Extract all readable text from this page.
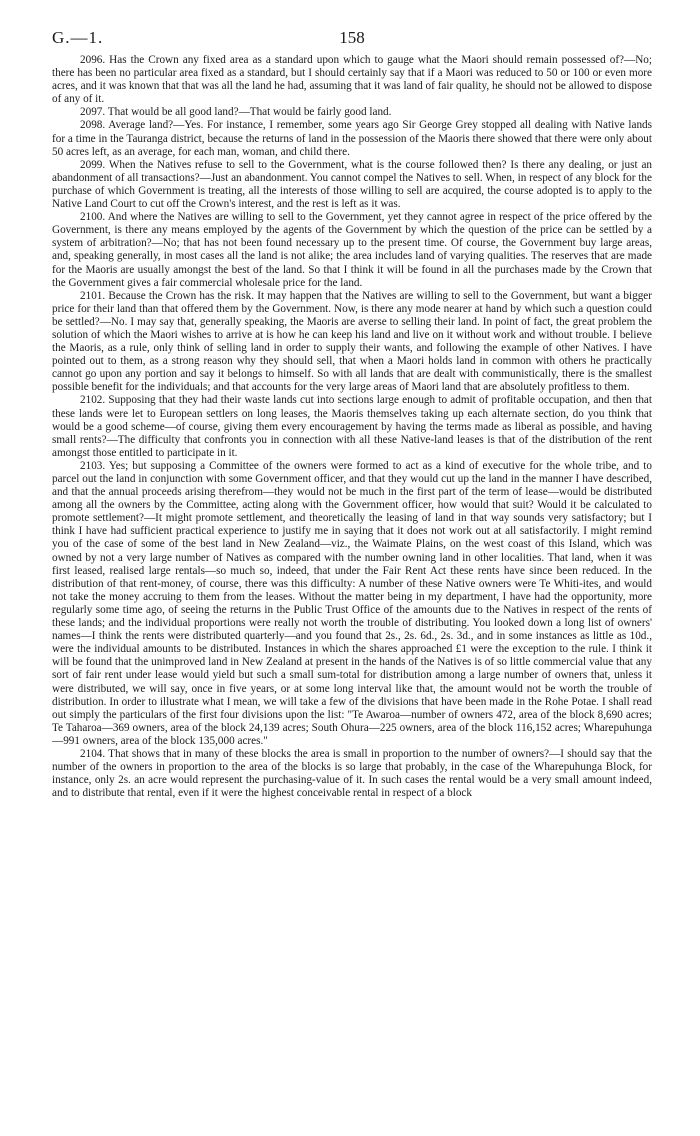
G.—1.	158

2096. Has the Crown any fixed area as a standard upon which to gauge what the Maori should remain possessed of?—No; there has been no particular area fixed as a standard, but I should certainly say that if a Maori was reduced to 50 or 100 or even more acres, and it was known that that was all the land he had, assuming that it was land of fair quality, he should not be allowed to dispose of any of it.

2097. That would be all good land?—That would be fairly good land.

2098. Average land?—Yes. For instance, I remember, some years ago Sir George Grey stopped all dealing with Native lands for a time in the Tauranga district, because the returns of land in the possession of the Maoris there showed that there were only about 50 acres left, as an average, for each man, woman, and child there.

2099. When the Natives refuse to sell to the Government, what is the course followed then? Is there any dealing, or just an abandonment of all transactions?—Just an abandonment. You cannot compel the Natives to sell. When, in respect of any block for the purchase of which Government is treating, all the interests of those willing to sell are acquired, the course adopted is to apply to the Native Land Court to cut off the Crown's interest, and the rest is left as it was.

2100. And where the Natives are willing to sell to the Government, yet they cannot agree in respect of the price offered by the Government, is there any means employed by the agents of the Government by which the question of the price can be settled by a system of arbitration?—No; that has not been found necessary up to the present time. Of course, the Government buy large areas, and, speaking generally, in most cases all the land is not alike; the area includes land of varying qualities. The reserves that are made for the Maoris are usually amongst the best of the land. So that I think it will be found in all the purchases made by the Crown that the Government gives a fair commercial wholesale price for the land.

2101. Because the Crown has the risk. It may happen that the Natives are willing to sell to the Government, but want a bigger price for their land than that offered them by the Government. Now, is there any mode nearer at hand by which such a question could be settled?—No. I may say that, generally speaking, the Maoris are averse to selling their land. In point of fact, the great problem the solution of which the Maori wishes to arrive at is how he can keep his land and live on it without work and without trouble. I believe the Maoris, as a rule, only think of selling land in order to supply their wants, and following the example of other Natives. I have pointed out to them, as a strong reason why they should sell, that when a Maori holds land in common with others he practically cannot go upon any portion and say it belongs to himself. So with all lands that are dealt with communistically, there is the smallest possible benefit for the individuals; and that accounts for the very large areas of Maori land that are absolutely profitless to them.

2102. Supposing that they had their waste lands cut into sections large enough to admit of profitable occupation, and then that these lands were let to European settlers on long leases, the Maoris themselves taking up each alternate section, do you think that would be a good scheme—of course, giving them every encouragement by having the terms made as liberal as possible, and having small rents?—The difficulty that confronts you in connection with all these Native-land leases is that of the distribution of the rent amongst those entitled to participate in it.

2103. Yes; but supposing a Committee of the owners were formed to act as a kind of executive for the whole tribe, and to parcel out the land in conjunction with some Government officer, and that they would cut up the land in the manner I have described, and that the annual proceeds arising therefrom—they would not be much in the first part of the term of lease—would be distributed among all the owners by the Committee, acting along with the Government officer, how would that suit? Would it be calculated to promote settlement?—It might promote settlement, and theoretically the leasing of land in that way sounds very satisfactory; but I think I have had sufficient practical experience to justify me in saying that it does not work out at all satisfactorily. I might remind you of the case of some of the best land in New Zealand—viz., the Waimate Plains, on the west coast of this Island, which was owned by not a very large number of Natives as compared with the number owning land in other localities. That land, when it was first leased, realised large rentals—so much so, indeed, that under the Fair Rent Act these rents have since been reduced. In the distribution of that rent-money, of course, there was this difficulty: A number of these Native owners were Te Whiti-ites, and would not take the money accruing to them from the leases. Without the matter being in my department, I have had the opportunity, more regularly some time ago, of seeing the returns in the Public Trust Office of the amounts due to the Natives in respect of the rents of these lands; and the individual proportions were really not worth the trouble of distributing. You looked down a long list of owners' names—I think the rents were distributed quarterly—and you found that 2s., 2s. 6d., 2s. 3d., and in some instances as little as 10d., were the individual amounts to be distributed. Instances in which the shares approached £1 were the exception to the rule. I think it will be found that the unimproved land in New Zealand at present in the hands of the Natives is of so little commercial value that any sort of fair rent under lease would yield but such a small sum-total for distribution among a large number of owners that, unless it were distributed, we will say, once in five years, or at some long interval like that, the amount would not be worth the trouble of distribution. In order to illustrate what I mean, we will take a few of the divisions that have been made in the Rohe Potae. I shall read out simply the particulars of the first four divisions upon the list: "Te Awaroa—number of owners 472, area of the block 8,690 acres; Te Taharoa—369 owners, area of the block 24,139 acres; South Ohura—225 owners, area of the block 116,152 acres; Wharepuhunga—991 owners, area of the block 135,000 acres."

2104. That shows that in many of these blocks the area is small in proportion to the number of owners?—I should say that the number of the owners in proportion to the area of the blocks is so large that probably, in the case of the Wharepuhunga Block, for instance, only 2s. an acre would represent the purchasing-value of it. In such cases the rental would be a very small amount indeed, and to distribute that rental, even if it were the highest conceivable rental in respect of a block
